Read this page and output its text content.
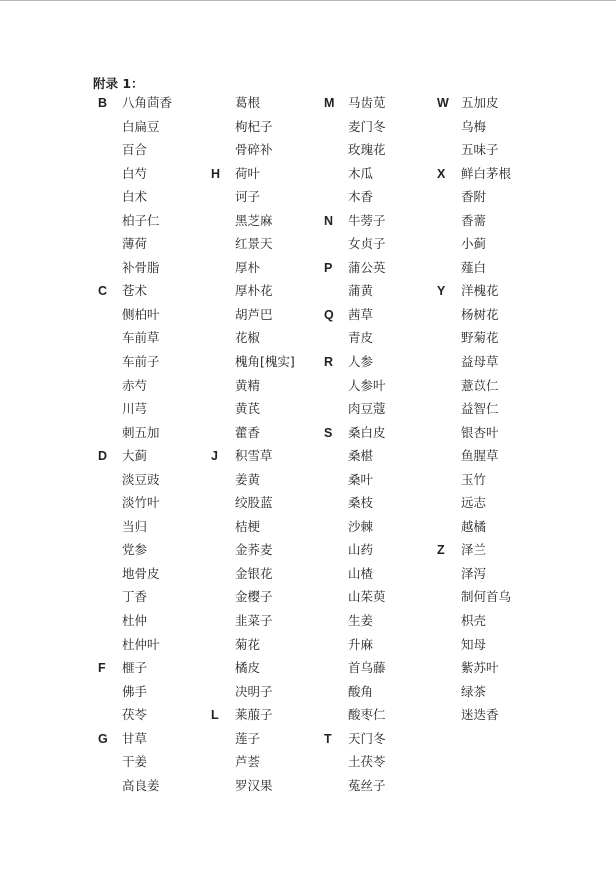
附录 1：
B 八角茴香
白扁豆
百合
白芍
白术
柏子仁
薄荷
补骨脂
C 苍术
侧柏叶
车前草
车前子
赤芍
川芎
刺五加
D 大蓟
淡豆豉
淡竹叶
当归
党参
地骨皮
丁香
杜仲
杜仲叶
F 榧子
佛手
茯苓
G 甘草
干姜
高良姜
葛根
枸杞子
骨碎补
H 荷叶
诃子
黑芝麻
红景天
厚朴
厚朴花
胡芦巴
花椒
槐角[槐实]
黄精
黄芪
藿香
J 积雪草
姜黄
绞股蓝
桔梗
金荞麦
金银花
金樱子
韭菜子
菊花
橘皮
决明子
L 莱菔子
莲子
芦荟
罗汉果
M 马齿苋
麦门冬
玫瑰花
木瓜
木香
N 牛蒡子
女贞子
P 蒲公英
蒲黄
Q 茜草
青皮
R 人参
人参叶
肉豆蔻
S 桑白皮
桑椹
桑叶
桑枝
沙棘
山药
山楂
山茱萸
生姜
升麻
首乌藤
酸角
酸枣仁
T 天门冬
土茯苓
菟丝子
W 五加皮
乌梅
五味子
X 鲜白茅根
香附
香薷
小蓟
薤白
Y 洋槐花
杨树花
野菊花
益母草
薏苡仁
益智仁
银杏叶
鱼腥草
玉竹
远志
越橘
Z 泽兰
泽泻
制何首乌
枳壳
知母
紫苏叶
绿茶
迷迭香
